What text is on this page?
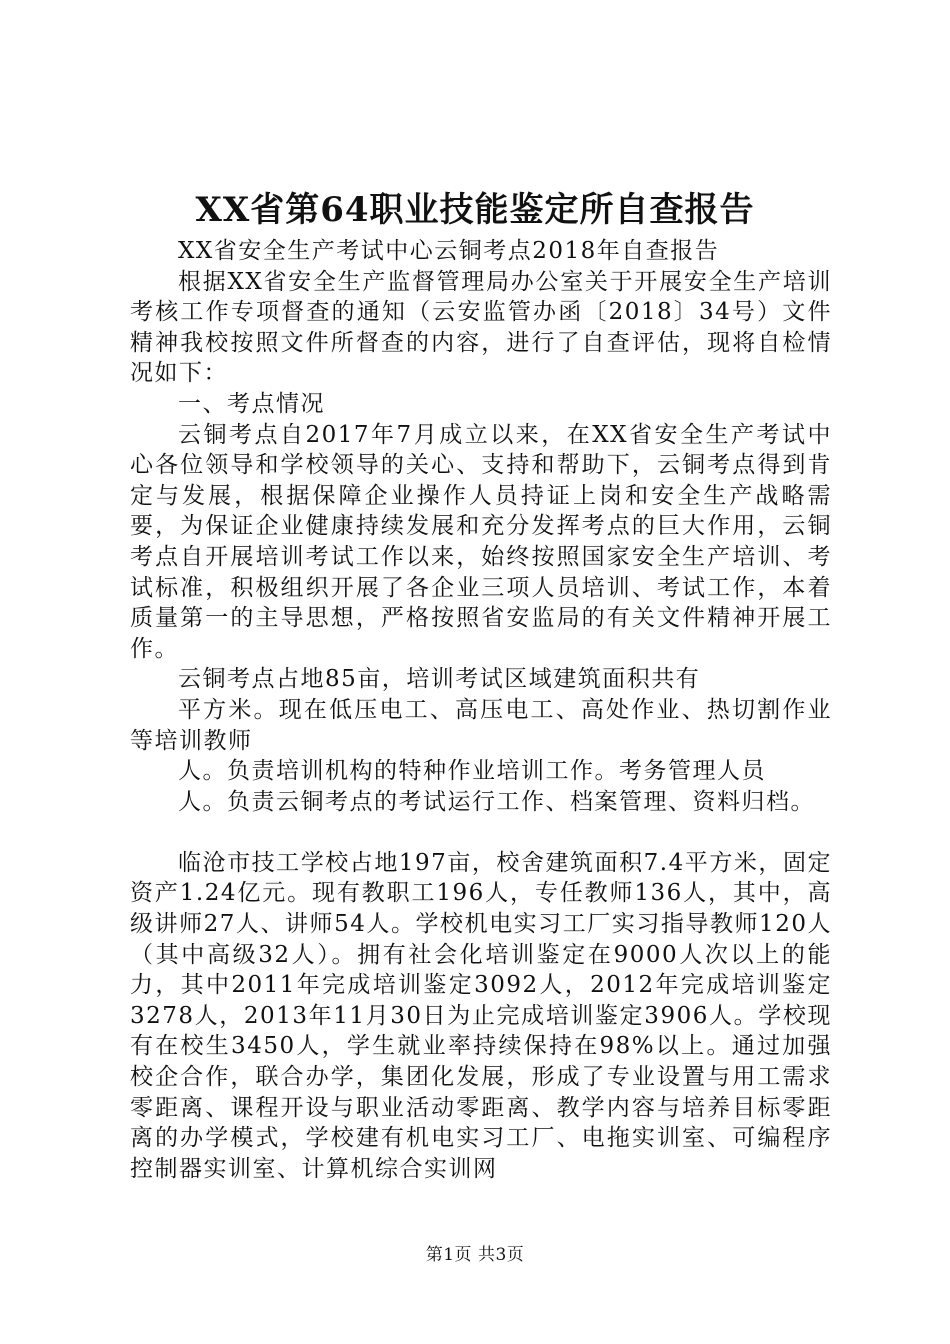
XX省第64职业技能鉴定所自查报告

XX省安全生产考试中心云铜考点2018年自查报告

根据XX省安全生产监督管理局办公室关于开展安全生产培训考核工作专项督查的通知（云安监管办函〔2018〕34号）文件精神我校按照文件所督查的内容，进行了自查评估，现将自检情况如下：

一、考点情况

云铜考点自2017年7月成立以来，在XX省安全生产考试中心各位领导和学校领导的关心、支持和帮助下，云铜考点得到肯定与发展，根据保障企业操作人员持证上岗和安全生产战略需要，为保证企业健康持续发展和充分发挥考点的巨大作用，云铜考点自开展培训考试工作以来，始终按照国家安全生产培训、考试标准，积极组织开展了各企业三项人员培训、考试工作，本着质量第一的主导思想，严格按照省安监局的有关文件精神开展工作。

云铜考点占地85亩，培训考试区域建筑面积共有

平方米。现在低压电工、高压电工、高处作业、热切割作业等培训教师

人。负责培训机构的特种作业培训工作。考务管理人员

人。负责云铜考点的考试运行工作、档案管理、资料归档。

临沧市技工学校占地197亩，校舍建筑面积7.4平方米，固定资产1.24亿元。现有教职工196人，专任教师136人，其中，高级讲师27人、讲师54人。学校机电实习工厂实习指导教师120人（其中高级32人）。拥有社会化培训鉴定在9000人次以上的能力，其中2011年完成培训鉴定3092人，2012年完成培训鉴定3278人，2013年11月30日为止完成培训鉴定3906人。学校现有在校生3450人，学生就业率持续保持在98%以上。通过加强校企合作，联合办学，集团化发展，形成了专业设置与用工需求零距离、课程开设与职业活动零距离、教学内容与培养目标零距离的办学模式，学校建有机电实习工厂、电拖实训室、可编程序控制器实训室、计算机综合实训网

第1页 共3页
